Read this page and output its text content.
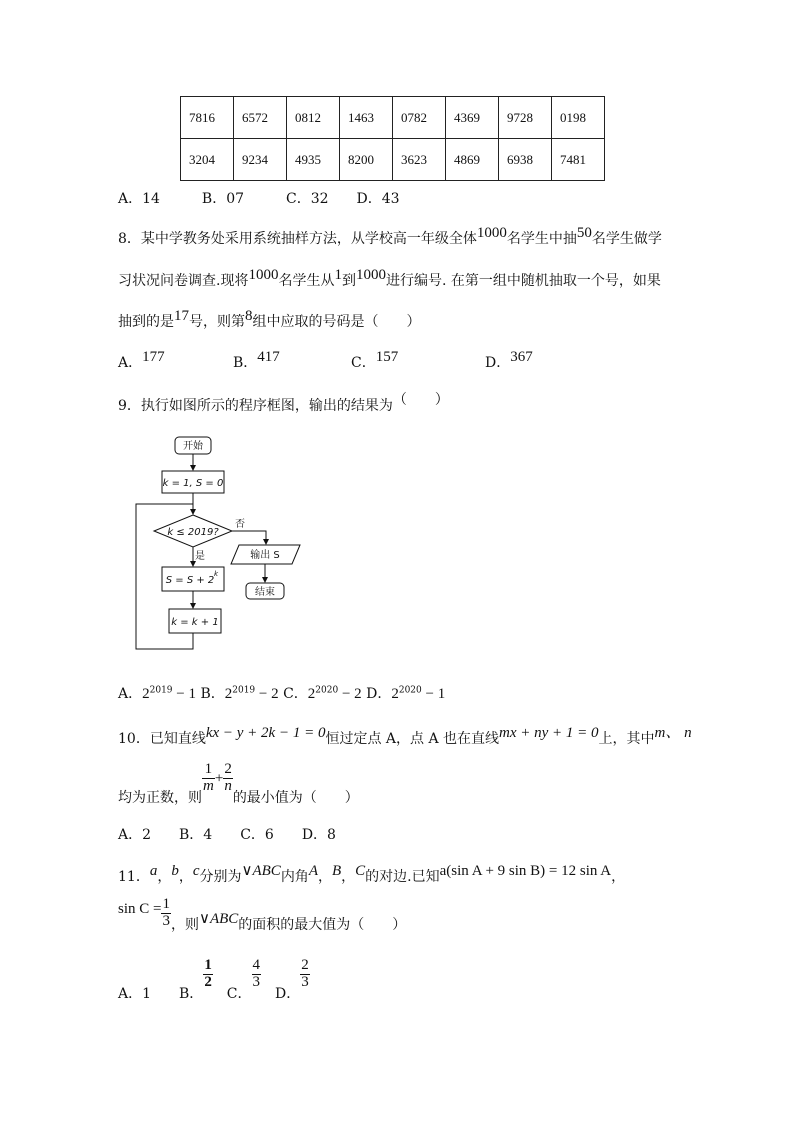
7816	6572	0812	1463	0782	4369	9728	0198
3204	9234	4935	8200	3623	4869	6938	7481
A．14　　　B．07　　　C．32　　D．43
8．某中学教务处采用系统抽样方法，从学校高一年级全体1000名学生中抽50名学生做学
习状况问卷调查.现将1000名学生从1到1000进行编号. 在第一组中随机抽取一个号，如果
抽到的是17号，则第8组中应取的号码是（　　）
A．177	B．417	C．157	D．367
9．执行如图所示的程序框图，输出的结果为（　　）
开始
k = 1, S = 0
k ≤ 2019?
否
是
S = S + 2
k
k = k + 1
输出 S
结束
A．$2^{2019} - 1$ B．$2^{2019} - 2$ C．$2^{2020} - 2$ D．$2^{2020} - 1$
10．已知直线kx − y + 2k − 1 = 0恒过定点 A，点 A 也在直线mx + ny + 1 = 0上，其中m、 n
均为正数，则
$\frac{1}{m} + \frac{2}{n}$
的最小值为（　　）
A．2　　B．4　　C．6　　D．8
11．a，b，c分别为∨ABC内角A，B，C的对边.已知a(sin A + 9 sin B) = 12 sin A，
$\sin C = \frac{1}{3}$ ，则∨ABC的面积的最大值为（　　）
A．1　　B．
$\frac{1}{2}$
　C．
$\frac{4}{3}$
　D．
$\frac{2}{3}$
